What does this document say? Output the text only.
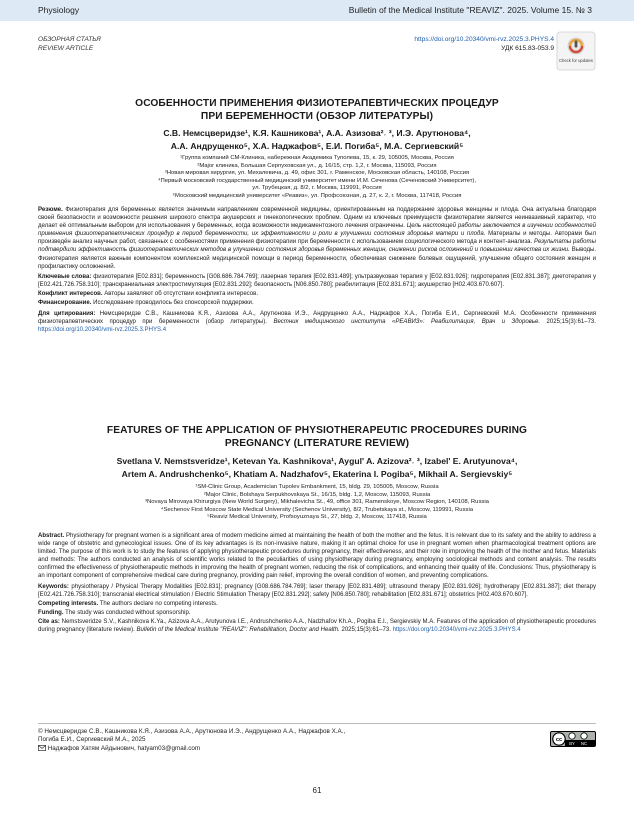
Physiology	Bulletin of the Medical Institute "REAVIZ". 2025. Volume 15. № 3
ОБЗОРНАЯ СТАТЬЯ
REVIEW ARTICLE
https://doi.org/10.20340/vmi-rvz.2025.3.PHYS.4
УДК 615.83-053.9
Check for updates
ОСОБЕННОСТИ ПРИМЕНЕНИЯ ФИЗИОТЕРАПЕВТИЧЕСКИХ ПРОЦЕДУР
ПРИ БЕРЕМЕННОСТИ (ОБЗОР ЛИТЕРАТУРЫ)
С.В. Немсцверидзе¹, К.Я. Кашникова¹, А.А. Азизова²˒ ³, И.Э. Арутюнова⁴,
А.А. Андрущенко⁵, Х.А. Наджафов⁵, Е.И. Погиба⁵, М.А. Сергиевский⁵
¹Группа компаний СМ-Клиника, набережная Академика Туполева, 15, к. 29, 105005, Москва, Россия
²Major клиника, Большая Серпуховская ул., д. 16/15, стр. 1,2, г. Москва, 115093, Россия
³Новая мировая хирургия, ул. Михалевича, д. 49, офис 301, г. Раменское, Московская область, 140108, Россия
⁴Первый московский государственный медицинский университет имени И.М. Сеченова (Сеченовский Университет),
ул. Трубецкая, д. 8/2, г. Москва, 119991, Россия
⁵Московский медицинский университет «Реавиз», ул. Профсоюзная, д. 27, к. 2, г. Москва, 117418, Россия

Резюме. Физиотерапия для беременных является значимым направлением современной медицины, ориентированным на поддержание здоровья женщины и плода. Она актуальна благодаря своей безопасности и возможности решения широкого спектра акушерских и гинекологических проблем. Одним из ключевых преимуществ физиотерапии является неинвазивный характер, что делает её оптимальным выбором для использования у беременных, когда возможности медикаментозного лечения ограничены. Цель настоящей работы заключается в изучении особенностей применения физиотерапевтических процедур в период беременности, их эффективности и роли в улучшении состояния здоровья матери и плода. Материалы и методы. Авторами был произведён анализ научных работ, связанных с особенностями применения физиотерапии при беременности с использованием социологического метода и контент-анализа. Результаты работы подтвердили эффективность физиотерапевтических методов в улучшении состояния здоровья беременных женщин, снижении рисков осложнений и повышении качества их жизни. Выводы. Физиотерапия является важным компонентом комплексной медицинской помощи в период беременности, обеспечивая снижение болевых ощущений, улучшение общего состояния женщин и профилактику осложнений.

Ключевые слова: физиотерапия [E02.831]; беременность [G08.686.784.769]; лазерная терапия [E02.831.489]; ультразвуковая терапия у [E02.831.926]; гидротерапия [E02.831.387]; диетотерапия у [E02.421.726.758.310]; транскраниальная электростимуляция [E02.831.292]; безопасность [N06.850.780]; реабилитация [E02.831.671]; акушерство [H02.403.670.607].

Конфликт интересов. Авторы заявляют об отсутствии конфликта интересов.

Финансирование. Исследование проводилось без спонсорской поддержки.

Для цитирования: Немсцверидзе С.В., Кашникова К.Я., Азизова А.А., Арутюнова И.Э., Андрущенко А.А., Наджафов Х.А., Погиба Е.И., Сергиевский М.А. Особенности применения физиотерапевтических процедур при беременности (обзор литературы). Вестник медицинского института «РЕАВИЗ»: Реабилитация, Врач и Здоровье. 2025;15(3):61–73. https://doi.org/10.20340/vmi-rvz.2025.3.PHYS.4

FEATURES OF THE APPLICATION OF PHYSIOTHERAPEUTIC PROCEDURES DURING
PREGNANCY (LITERATURE REVIEW)
Svetlana V. Nemstsveridze¹, Ketevan Ya. Kashnikova¹, Aygul' A. Azizova²˒ ³, Izabel' E. Arutyunova⁴,
Artem A. Andrushchenko⁵, Khatiam A. Nadzhafov⁵, Ekaterina I. Pogiba⁵, Mikhail A. Sergievskiy⁵
¹SM-Clinic Group, Academician Tupolev Embankment, 15, bldg. 29, 105005, Moscow, Russia
²Major Clinic, Bolshaya Serpukhovskaya St., 16/15, bldg. 1,2, Moscow, 115093, Russia
³Novaya Mirovaya Khirurgiya (New World Surgery), Mikhalevicha St., 49, office 301, Ramenskoye, Moscow Region, 140108, Russia
⁴Sechenov First Moscow State Medical University (Sechenov University), 8/2, Trubetskaya st., Moscow, 119991, Russia
⁵Reaviz Medical University, Profsoyuznaya St., 27, bldg. 2, Moscow, 117418, Russia

Abstract. Physiotherapy for pregnant women is a significant area of modern medicine aimed at maintaining the health of both the mother and the fetus. It is relevant due to its safety and the ability to address a wide range of obstetric and gynecological issues. One of its key advantages is its non-invasive nature, making it an optimal choice for use in pregnant women when pharmacological treatment options are limited. The purpose of this work is to study the features of applying physiotherapeutic procedures during pregnancy, their effectiveness, and their role in improving the health of the mother and fetus. Materials and methods: The authors conducted an analysis of scientific works related to the peculiarities of using physiotherapy during pregnancy, employing sociological methods and content analysis. The results confirmed the effectiveness of physiotherapeutic methods in improving the health of pregnant women, reducing the risk of complications, and enhancing their quality of life. Conclusions: Thus, physiotherapy is an important component of comprehensive medical care during pregnancy, providing pain relief, improving the overall condition of women, and preventing complications.

Keywords: physiotherapy / Physical Therapy Modalities [E02.831]; pregnancy [G08.686.784.769]; laser therapy [E02.831.489]; ultrasound therapy [E02.831.926]; hydrotherapy [E02.831.387]; diet therapy [E02.421.726.758.310]; transcranial electrical stimulation / Electric Stimulation Therapy [E02.831.292]; safety [N06.850.780]; rehabilitation [E02.831.671]; obstetrics [H02.403.670.607].

Competing interests. The authors declare no competing interests.

Funding. The study was conducted without sponsorship.

Cite as: Nemstsveridze S.V., Kashnikova K.Ya., Azizova A.A., Arutyunova I.E., Andrushchenko A.A., Nadzhafov Kh.A., Pogiba E.I., Sergievskiy M.A. Features of the application of physiotherapeutic procedures during pregnancy (literature review). Bulletin of the Medical Institute "REAVIZ": Rehabilitation, Doctor and Health. 2025;15(3):61–73. https://doi.org/10.20340/vmi-rvz.2025.3.PHYS.4

© Немсцверидзе С.В., Кашникова К.Я., Азизова А.А., Арутюнова И.Э., Андрущенко А.А., Наджафов Х.А.,
Погиба Е.И., Сергиевский М.А., 2025
Наджафов Хатям Айдынович, hatyam03@gmail.com
cc
BY NC
61
